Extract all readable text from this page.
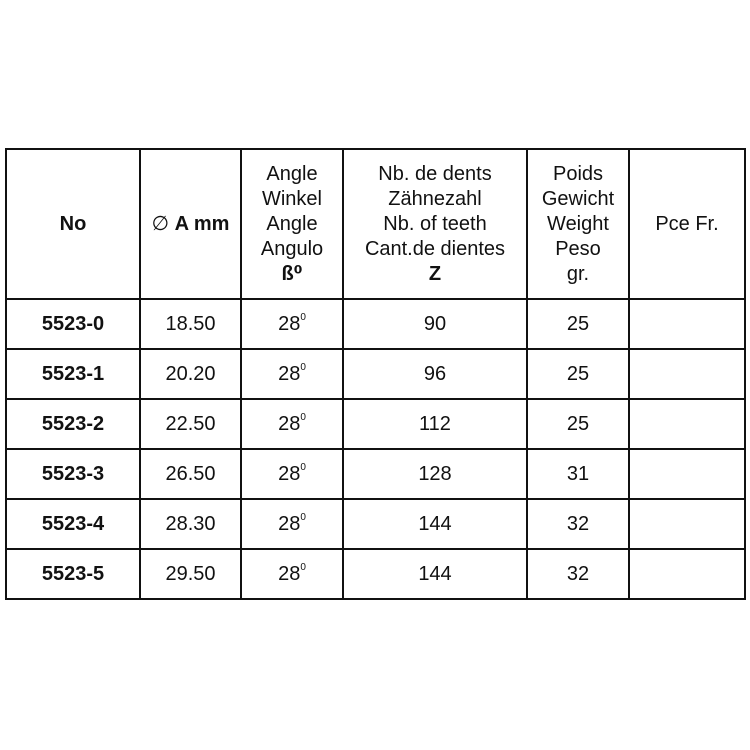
No	∅ A mm	Angle
Winkel
Angle
Angulo
ß⁰	Nb. de dents
Zähnezahl
Nb. of teeth
Cant.de dientes
Z	Poids
Gewicht
Weight
Peso
gr.	Pce Fr.
5523-0	18.50	$28^0$	90	25	
5523-1	20.20	$28^0$	96	25	
5523-2	22.50	$28^0$	112	25	
5523-3	26.50	$28^0$	128	31	
5523-4	28.30	$28^0$	144	32	
5523-5	29.50	$28^0$	144	32	
